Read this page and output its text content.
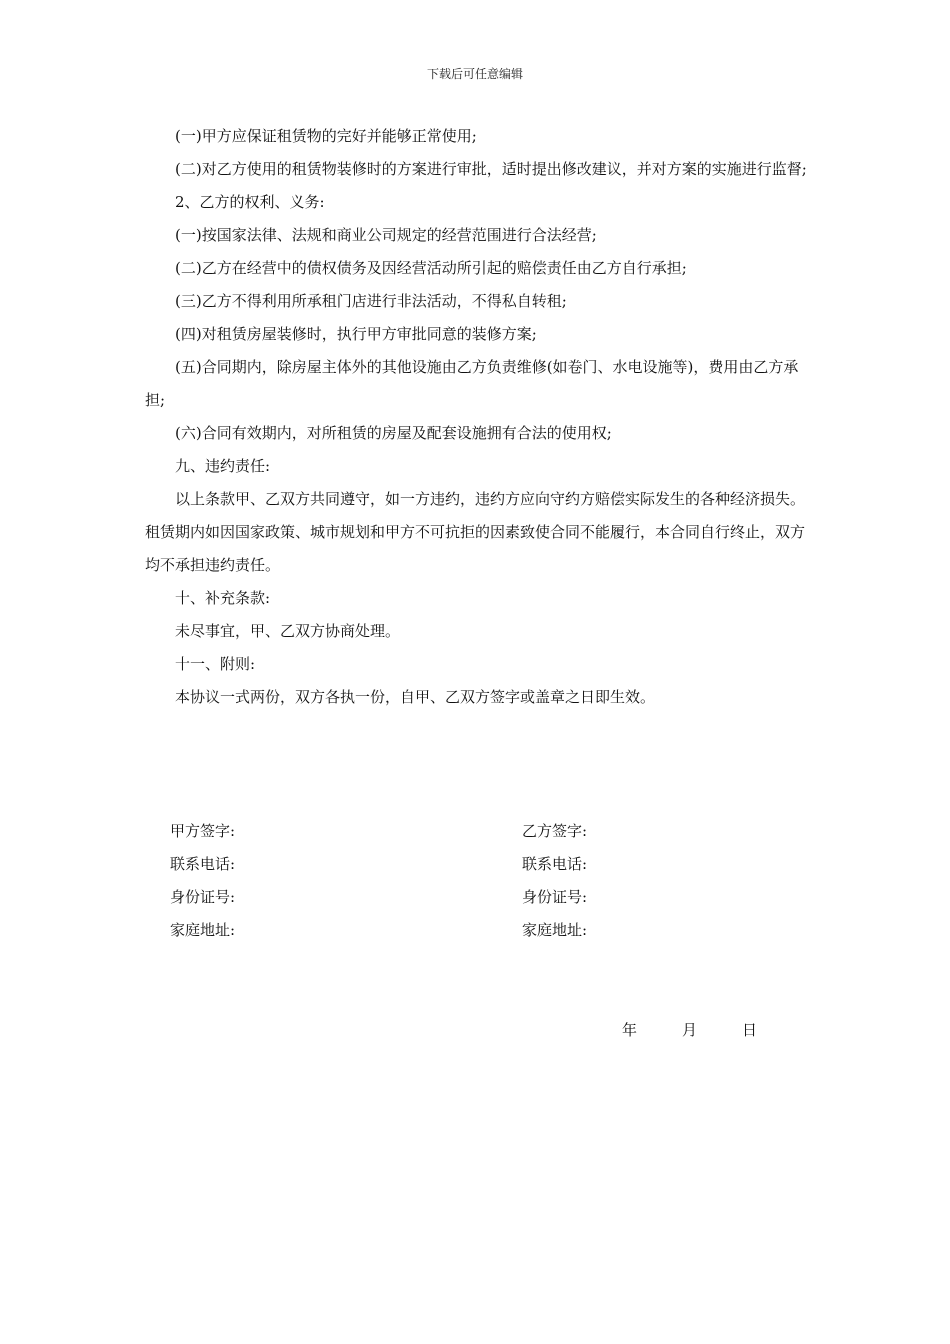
下载后可任意编辑

(一)甲方应保证租赁物的完好并能够正常使用;

(二)对乙方使用的租赁物装修时的方案进行审批，适时提出修改建议，并对方案的实施进行监督;

2、乙方的权利、义务:

(一)按国家法律、法规和商业公司规定的经营范围进行合法经营;

(二)乙方在经营中的债权债务及因经营活动所引起的赔偿责任由乙方自行承担;

(三)乙方不得利用所承租门店进行非法活动，不得私自转租;

(四)对租赁房屋装修时，执行甲方审批同意的装修方案;

(五)合同期内，除房屋主体外的其他设施由乙方负责维修(如卷门、水电设施等)，费用由乙方承担;

(六)合同有效期内，对所租赁的房屋及配套设施拥有合法的使用权;

九、违约责任:

以上条款甲、乙双方共同遵守，如一方违约，违约方应向守约方赔偿实际发生的各种经济损失。租赁期内如因国家政策、城市规划和甲方不可抗拒的因素致使合同不能履行，本合同自行终止，双方均不承担违约责任。

十、补充条款:

未尽事宜，甲、乙双方协商处理。

十一、附则:

本协议一式两份，双方各执一份，自甲、乙双方签字或盖章之日即生效。

甲方签字:
联系电话:
身份证号:
家庭地址:
乙方签字:
联系电话:
身份证号:
家庭地址:
年	月	日
